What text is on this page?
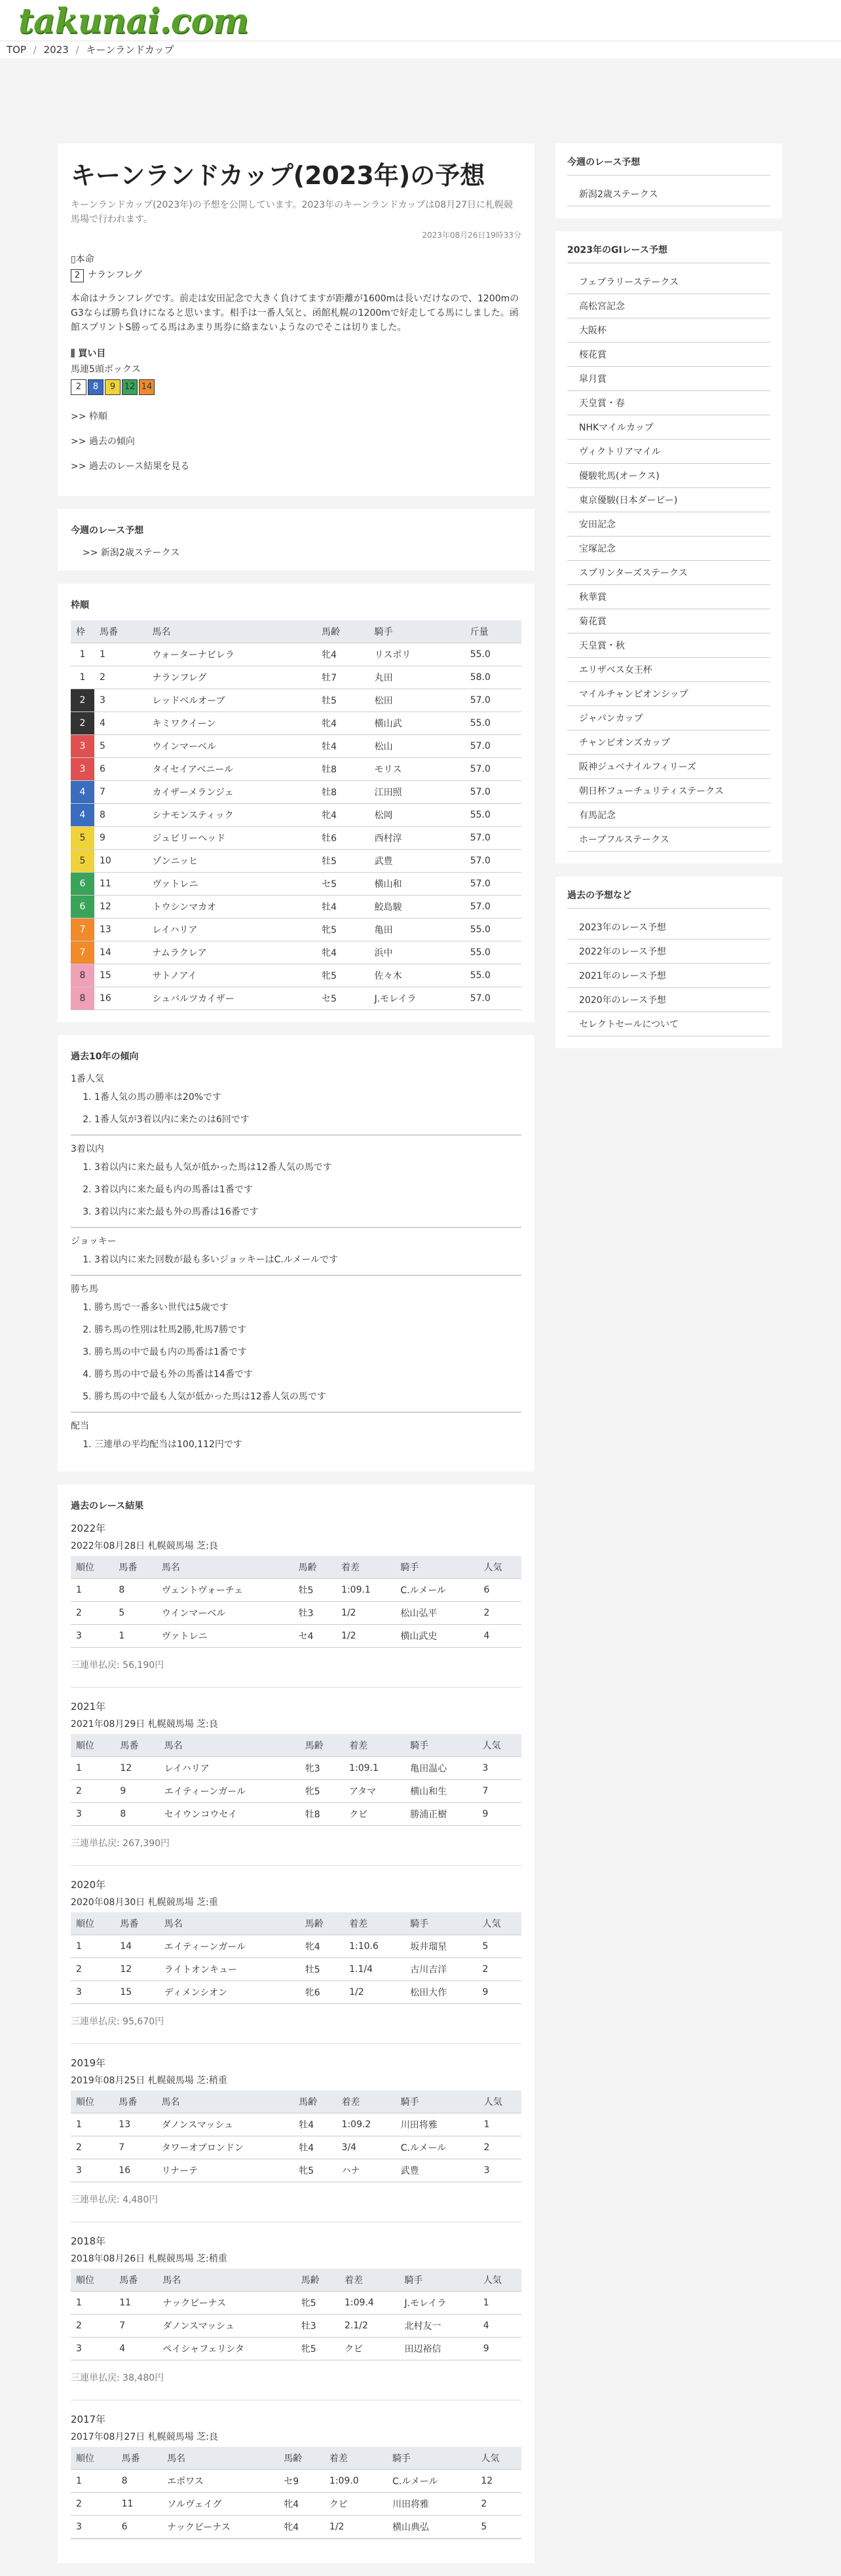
takunai.com
TOP / 2023 / キーンランドカップ
キーンランドカップ(2023年)の予想
キーンランドカップ(2023年)の予想を公開しています。2023年のキーンランドカップは08月27日に札幌競馬場で行われます。
2023年08月26日19時33分
▯本命
2 ナランフレグ
本命はナランフレグです。前走は安田記念で大きく負けてますが距離が1600mは長いだけなので、1200mのG3ならば勝ち負けになると思います。相手は一番人気と、函館札幌の1200mで好走してる馬にしました。函館スプリントS勝ってる馬はあまり馬券に絡まないようなのでそこは切りました。
⫼ 買い目
馬連5頭ボックス
2 8 9 12 14
>> 枠順
>> 過去の傾向
>> 過去のレース結果を見る
今週のレース予想
>> 新潟2歳ステークス
枠順
枠	馬番	馬名	馬齢	騎手	斤量
1	1	ウォーターナビレラ	牝4	リスポリ	55.0
1	2	ナランフレグ	牡7	丸田	58.0
2	3	レッドベルオーブ	牡5	松田	57.0
2	4	キミワクイーン	牝4	横山武	55.0
3	5	ウインマーベル	牡4	松山	57.0
3	6	タイセイアベニール	牡8	モリス	57.0
4	7	カイザーメランジェ	牡8	江田照	57.0
4	8	シナモンスティック	牝4	松岡	55.0
5	9	ジュビリーヘッド	牡6	西村淳	57.0
5	10	ゾンニッヒ	牡5	武豊	57.0
6	11	ヴァトレニ	セ5	横山和	57.0
6	12	トウシンマカオ	牡4	鮫島駿	57.0
7	13	レイハリア	牝5	亀田	55.0
7	14	ナムラクレア	牝4	浜中	55.0
8	15	サトノアイ	牝5	佐々木	55.0
8	16	シュバルツカイザー	セ5	J.モレイラ	57.0
過去10年の傾向
1番人気
1. 1番人気の馬の勝率は20%です
2. 1番人気が3着以内に来たのは6回です
3着以内
1. 3着以内に来た最も人気が低かった馬は12番人気の馬です
2. 3着以内に来た最も内の馬番は1番です
3. 3着以内に来た最も外の馬番は16番です
ジョッキー
1. 3着以内に来た回数が最も多いジョッキーはC.ルメールです
勝ち馬
1. 勝ち馬で一番多い世代は5歳です
2. 勝ち馬の性別は牡馬2勝,牝馬7勝です
3. 勝ち馬の中で最も内の馬番は1番です
4. 勝ち馬の中で最も外の馬番は14番です
5. 勝ち馬の中で最も人気が低かった馬は12番人気の馬です
配当
1. 三連単の平均配当は100,112円です
過去のレース結果
2022年
2022年08月28日 札幌競馬場 芝:良
順位	馬番	馬名	馬齢	着差	騎手	人気
1	8	ヴェントヴォーチェ	牡5	1:09.1	C.ルメール	6
2	5	ウインマーベル	牡3	1/2	松山弘平	2
3	1	ヴァトレニ	セ4	1/2	横山武史	4
三連単払戻: 56,190円
2021年
2021年08月29日 札幌競馬場 芝:良
順位	馬番	馬名	馬齢	着差	騎手	人気
1	12	レイハリア	牝3	1:09.1	亀田温心	3
2	9	エイティーンガール	牝5	アタマ	横山和生	7
3	8	セイウンコウセイ	牡8	クビ	勝浦正樹	9
三連単払戻: 267,390円
2020年
2020年08月30日 札幌競馬場 芝:重
順位	馬番	馬名	馬齢	着差	騎手	人気
1	14	エイティーンガール	牝4	1:10.6	坂井瑠星	5
2	12	ライトオンキュー	牡5	1.1/4	古川吉洋	2
3	15	ディメンシオン	牝6	1/2	松田大作	9
三連単払戻: 95,670円
2019年
2019年08月25日 札幌競馬場 芝:稍重
順位	馬番	馬名	馬齢	着差	騎手	人気
1	13	ダノンスマッシュ	牡4	1:09.2	川田将雅	1
2	7	タワーオブロンドン	牡4	3/4	C.ルメール	2
3	16	リナーテ	牝5	ハナ	武豊	3
三連単払戻: 4,480円
2018年
2018年08月26日 札幌競馬場 芝:稍重
順位	馬番	馬名	馬齢	着差	騎手	人気
1	11	ナックビーナス	牝5	1:09.4	J.モレイラ	1
2	7	ダノンスマッシュ	牡3	2.1/2	北村友一	4
3	4	ペイシャフェリシタ	牝5	クビ	田辺裕信	9
三連単払戻: 38,480円
2017年
2017年08月27日 札幌競馬場 芝:良
順位	馬番	馬名	馬齢	着差	騎手	人気
1	8	エポワス	セ9	1:09.0	C.ルメール	12
2	11	ソルヴェイグ	牝4	クビ	川田将雅	2
3	6	ナックビーナス	牝4	1/2	横山典弘	5
今週のレース予想
新潟2歳ステークス
2023年のGⅠレース予想
フェブラリーステークス
高松宮記念
大阪杯
桜花賞
皐月賞
天皇賞・春
NHKマイルカップ
ヴィクトリアマイル
優駿牝馬(オークス)
東京優駿(日本ダービー)
安田記念
宝塚記念
スプリンターズステークス
秋華賞
菊花賞
天皇賞・秋
エリザベス女王杯
マイルチャンピオンシップ
ジャパンカップ
チャンピオンズカップ
阪神ジュベナイルフィリーズ
朝日杯フューチュリティステークス
有馬記念
ホープフルステークス
過去の予想など
2023年のレース予想
2022年のレース予想
2021年のレース予想
2020年のレース予想
セレクトセールについて
